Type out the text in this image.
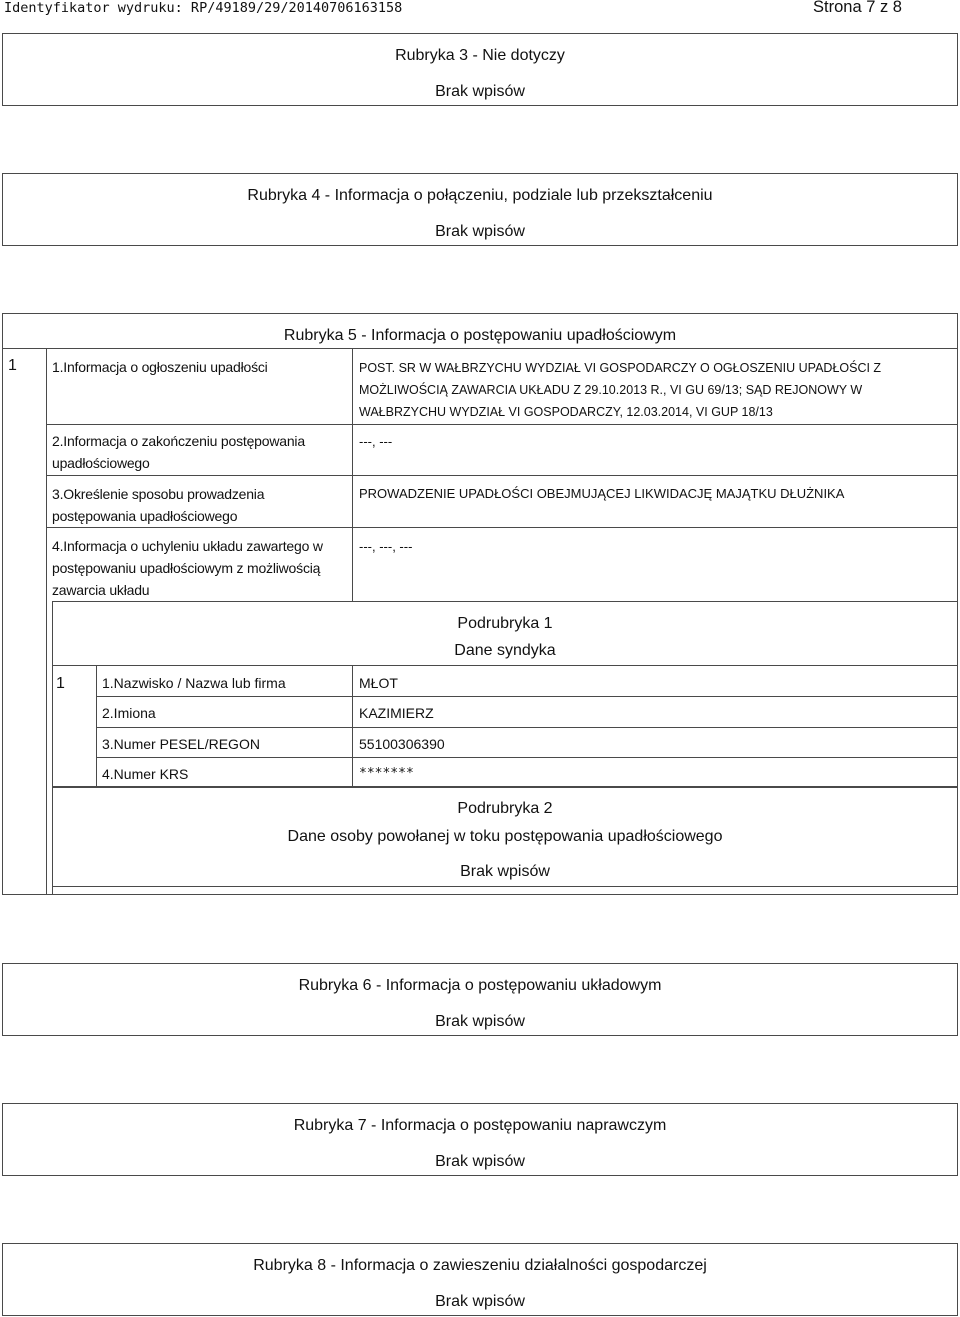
Identyfikator wydruku: RP/49189/29/20140706163158	Strona 7 z 8
Rubryka 3 - Nie dotyczy
Brak wpisów
Rubryka 4 - Informacja o połączeniu, podziale lub przekształceniu
Brak wpisów
Rubryka 5 - Informacja o postępowaniu upadłościowym
1	1.Informacja o ogłoszeniu upadłości	POST. SR W WAŁBRZYCHU WYDZIAŁ VI GOSPODARCZY O OGŁOSZENIU UPADŁOŚCI Z
MOŻLIWOŚCIĄ ZAWARCIA UKŁADU Z 29.10.2013 R., VI GU 69/13; SĄD REJONOWY W
WAŁBRZYCHU WYDZIAŁ VI GOSPODARCZY, 12.03.2014, VI GUP 18/13
2.Informacja o zakończeniu postępowania
upadłościowego
---, ---
3.Określenie sposobu prowadzenia
postępowania upadłościowego
PROWADZENIE UPADŁOŚCI OBEJMUJĄCEJ LIKWIDACJĘ MAJĄTKU DŁUŻNIKA
4.Informacja o uchyleniu układu zawartego w
postępowaniu upadłościowym z możliwością
zawarcia układu
---, ---, ---
Podrubryka 1
Dane syndyka
1	1.Nazwisko / Nazwa lub firma	MŁOT
2.Imiona	KAZIMIERZ
3.Numer PESEL/REGON	55100306390
4.Numer KRS	*******
Podrubryka 2
Dane osoby powołanej w toku postępowania upadłościowego
Brak wpisów
Rubryka 6 - Informacja o postępowaniu układowym
Brak wpisów
Rubryka 7 - Informacja o postępowaniu naprawczym
Brak wpisów
Rubryka 8 - Informacja o zawieszeniu działalności gospodarczej
Brak wpisów
